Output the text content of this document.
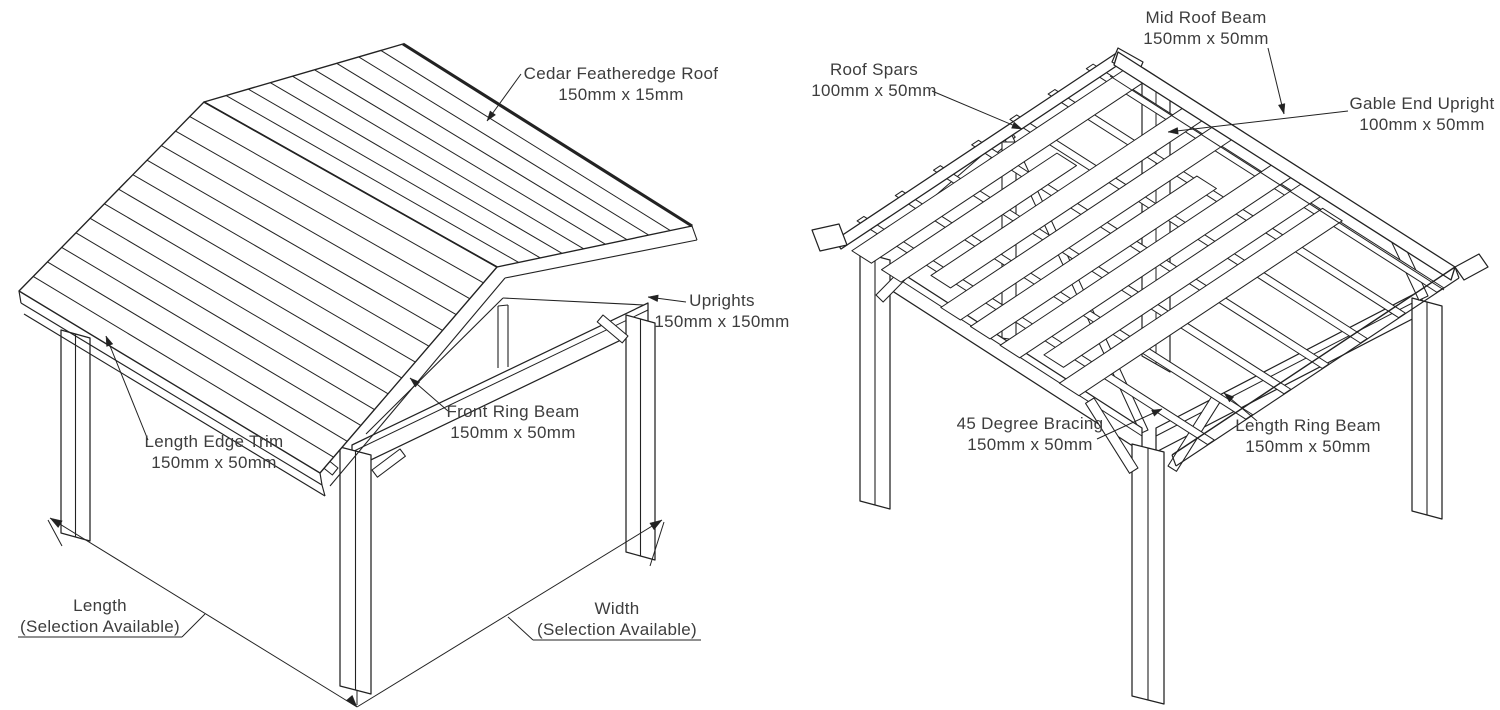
Cedar Featheredge Roof
150mm x 15mm
Uprights
150mm x 150mm
Front Ring Beam
150mm x 50mm
Length Edge Trim
150mm x 50mm
Length
(Selection Available)
Width
(Selection Available)
Mid Roof Beam
150mm x 50mm
Roof Spars
100mm x 50mm
Gable End Upright
100mm x 50mm
45 Degree Bracing
150mm x 50mm
Length Ring Beam
150mm x 50mm
